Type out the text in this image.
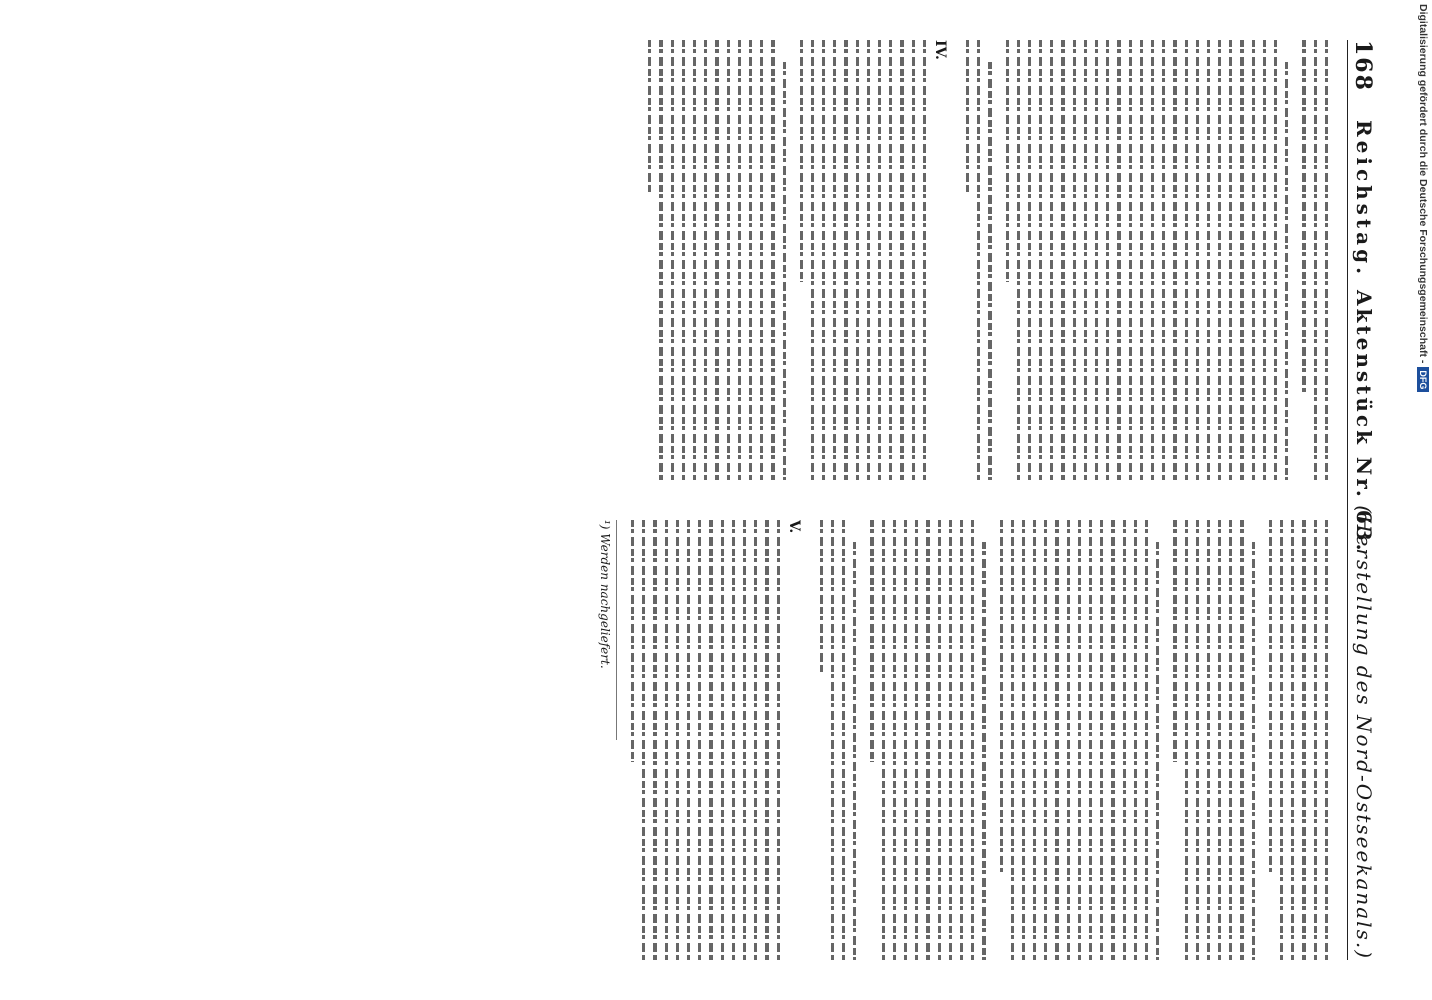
168
Reichstag.
Aktenstück Nr. 63.
(Herstellung des Nord-Ostseekanals.)
IV.
V.
¹) Werden nachgeliefert.
Digitalisierung gefördert durch die Deutsche Forschungsgemeinschaft -
DFG
